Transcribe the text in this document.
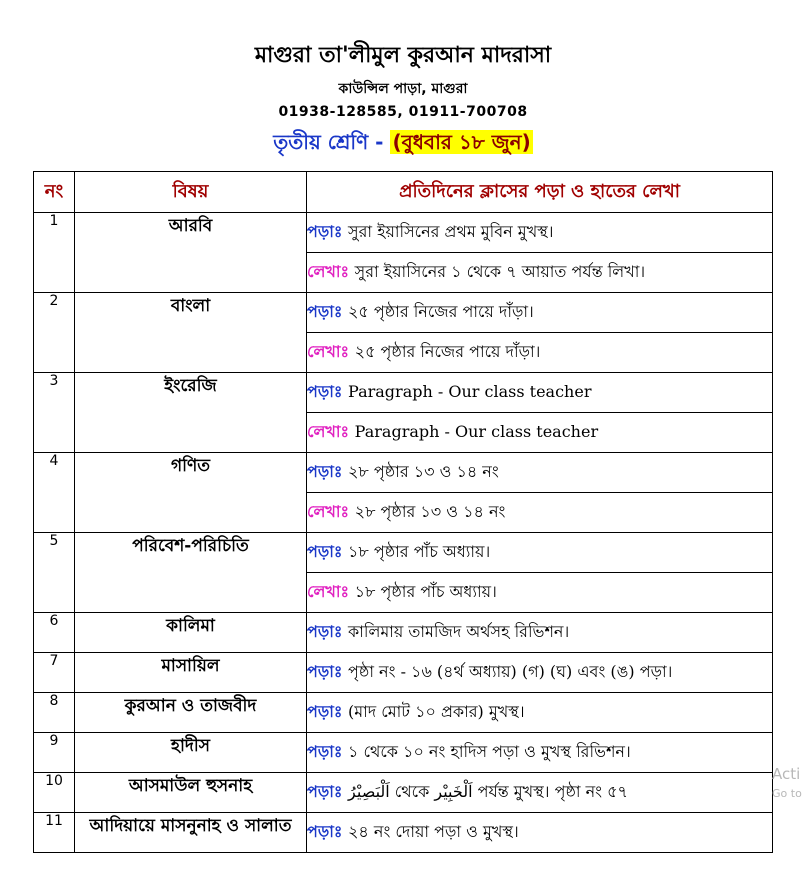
মাগুরা তা'লীমুল কুরআন মাদরাসা
কাউন্সিল পাড়া, মাগুরা
01938-128585, 01911-700708
তৃতীয় শ্রেণি - (বুধবার ১৮ জুন)
নং	বিষয়	প্রতিদিনের ক্লাসের পড়া ও হাতের লেখা
1	আরবি	পড়াঃ সুরা ইয়াসিনের প্রথম মুবিন মুখস্থ।
		লেখাঃ সুরা ইয়াসিনের ১ থেকে ৭ আয়াত পর্যন্ত লিখা।
2	বাংলা	পড়াঃ ২৫ পৃষ্ঠার নিজের পায়ে দাঁড়া।
		লেখাঃ ২৫ পৃষ্ঠার নিজের পায়ে দাঁড়া।
3	ইংরেজি	পড়াঃ Paragraph - Our class teacher
		লেখাঃ Paragraph - Our class teacher
4	গণিত	পড়াঃ ২৮ পৃষ্ঠার ১৩ ও ১৪ নং
		লেখাঃ ২৮ পৃষ্ঠার ১৩ ও ১৪ নং
5	পরিবেশ-পরিচিতি	পড়াঃ ১৮ পৃষ্ঠার পাঁচ অধ্যায়।
		লেখাঃ ১৮ পৃষ্ঠার পাঁচ অধ্যায়।
6	কালিমা	পড়াঃ কালিমায় তামজিদ অর্থসহ রিভিশন।
7	মাসায়িল	পড়াঃ পৃষ্ঠা নং - ১৬ (৪র্থ অধ্যায়) (গ) (ঘ) এবং (ঙ) পড়া।
8	কুরআন ও তাজবীদ	পড়াঃ (মাদ মোট ১০ প্রকার) মুখস্থ।
9	হাদীস	পড়াঃ ১ থেকে ১০ নং হাদিস পড়া ও মুখস্থ রিভিশন।
10	আসমাউল হুসনাহ	পড়াঃ اَلْبَصِيْرُ থেকে اَلْخَبِيْر পর্যন্ত মুখস্থ। পৃষ্ঠা নং ৫৭
11	আদিয়ায়ে মাসনুনাহ ও সালাত	পড়াঃ ২৪ নং দোয়া পড়া ও মুখস্থ।
Acti
Go to
